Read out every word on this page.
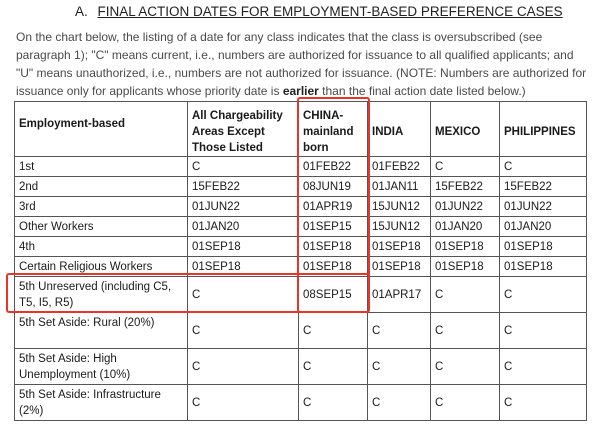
A. FINAL ACTION DATES FOR EMPLOYMENT-BASED PREFERENCE CASES
On the chart below, the listing of a date for any class indicates that the class is oversubscribed (see paragraph 1); "C" means current, i.e., numbers are authorized for issuance to all qualified applicants; and "U" means unauthorized, i.e., numbers are not authorized for issuance. (NOTE: Numbers are authorized for issuance only for applicants whose priority date is earlier than the final action date listed below.)
Employment-based	All Chargeability Areas Except Those Listed	CHINA-mainland born	INDIA	MEXICO	PHILIPPINES
1st	C	01FEB22	01FEB22	C	C
2nd	15FEB22	08JUN19	01JAN11	15FEB22	15FEB22
3rd	01JUN22	01APR19	15JUN12	01JUN22	01JUN22
Other Workers	01JAN20	01SEP15	15JUN12	01JAN20	01JAN20
4th	01SEP18	01SEP18	01SEP18	01SEP18	01SEP18
Certain Religious Workers	01SEP18	01SEP18	01SEP18	01SEP18	01SEP18
5th Unreserved (including C5, T5, I5, R5)	C	08SEP15	01APR17	C	C
5th Set Aside: Rural (20%)	C	C	C	C	C
5th Set Aside: High Unemployment (10%)	C	C	C	C	C
5th Set Aside: Infrastructure (2%)	C	C	C	C	C
